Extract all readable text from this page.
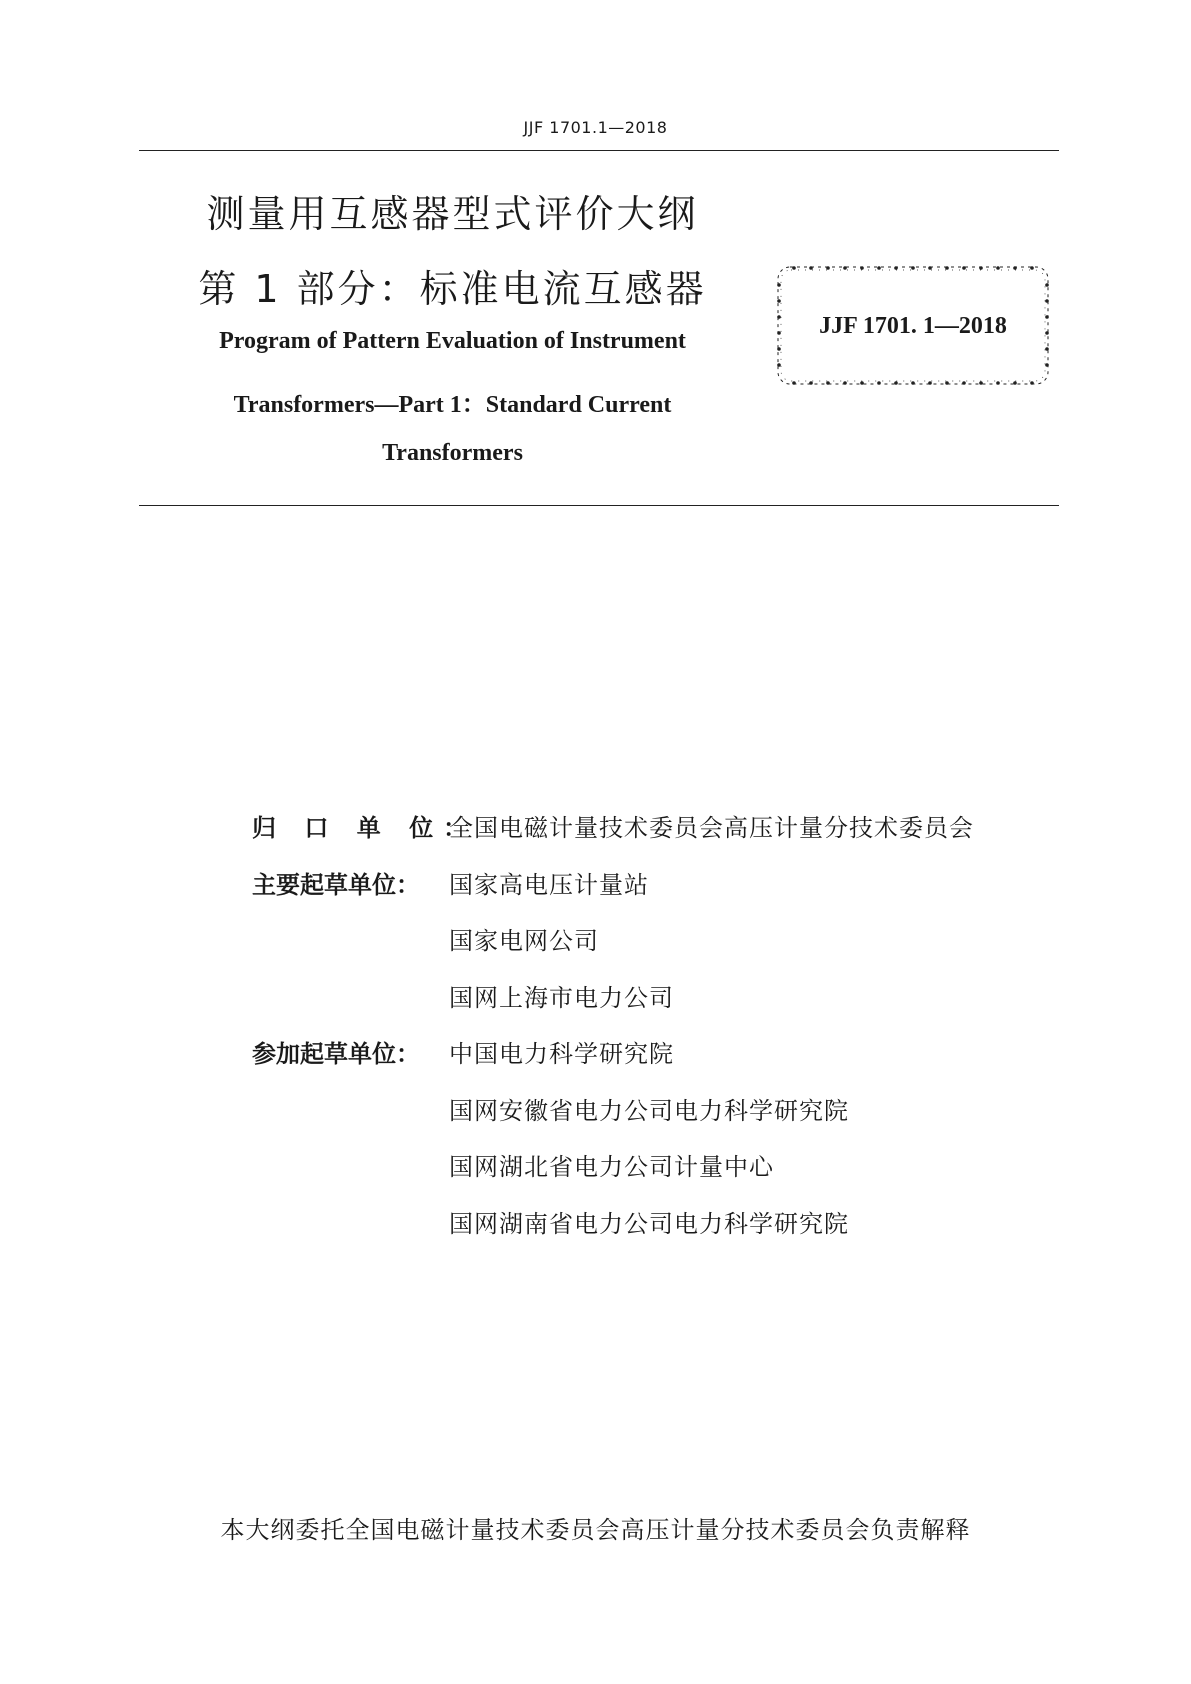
JJF 1701.1—2018
测量用互感器型式评价大纲
第 1 部分：标准电流互感器
Program of Pattern Evaluation of Instrument
Transformers—Part 1：Standard Current
Transformers
JJF 1701. 1—2018
归 口 单 位：
全国电磁计量技术委员会高压计量分技术委员会
主要起草单位：	国家高电压计量站
国家电网公司
国网上海市电力公司
参加起草单位：	中国电力科学研究院
国网安徽省电力公司电力科学研究院
国网湖北省电力公司计量中心
国网湖南省电力公司电力科学研究院
本大纲委托全国电磁计量技术委员会高压计量分技术委员会负责解释
